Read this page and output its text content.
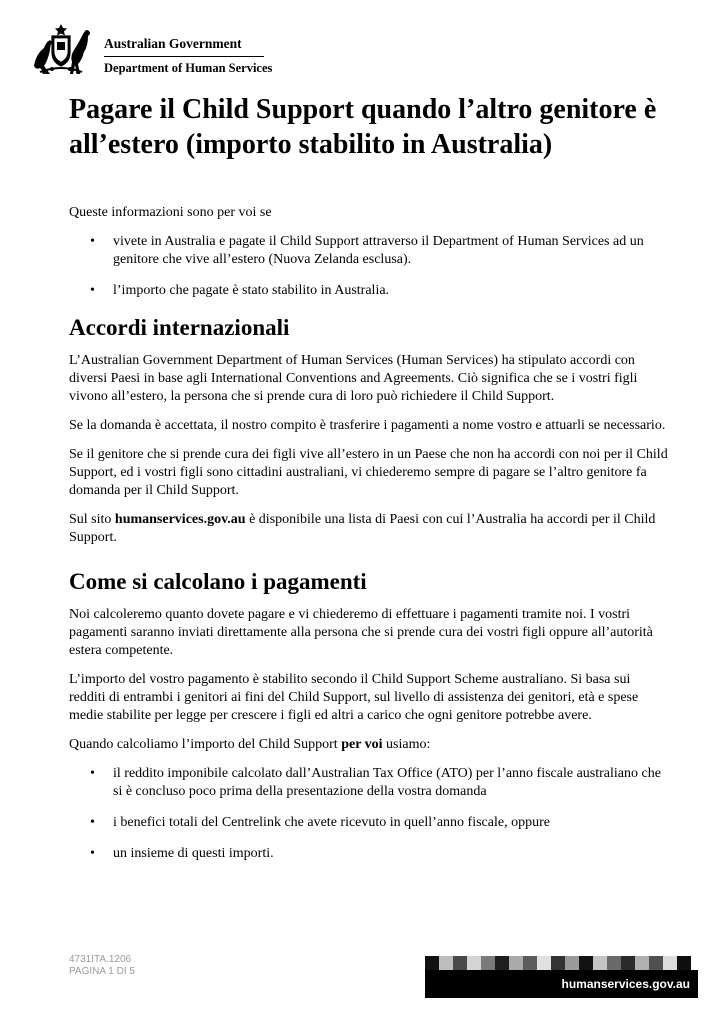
Australian Government
Department of Human Services
Pagare il Child Support quando l’altro genitore è all’estero (importo stabilito in Australia)

Queste informazioni sono per voi se

• vivete in Australia e pagate il Child Support attraverso il Department of Human Services ad un genitore che vive all’estero (Nuova Zelanda esclusa).
• l’importo che pagate è stato stabilito in Australia.
Accordi internazionali

L’Australian Government Department of Human Services (Human Services) ha stipulato accordi con diversi Paesi in base agli International Conventions and Agreements. Ciò significa che se i vostri figli vivono all’estero, la persona che si prende cura di loro può richiedere il Child Support.

Se la domanda è accettata, il nostro compito è trasferire i pagamenti a nome vostro e attuarli se necessario.

Se il genitore che si prende cura dei figli vive all’estero in un Paese che non ha accordi con noi per il Child Support, ed i vostri figli sono cittadini australiani, vi chiederemo sempre di pagare se l’altro genitore fa domanda per il Child Support.

Sul sito humanservices.gov.au è disponibile una lista di Paesi con cui l’Australia ha accordi per il Child Support.

Come si calcolano i pagamenti

Noi calcoleremo quanto dovete pagare e vi chiederemo di effettuare i pagamenti tramite noi. I vostri pagamenti saranno inviati direttamente alla persona che si prende cura dei vostri figli oppure all’autorità estera competente.

L’importo del vostro pagamento è stabilito secondo il Child Support Scheme australiano. Si basa sui redditi di entrambi i genitori ai fini del Child Support, sul livello di assistenza dei genitori, età e spese medie stabilite per legge per crescere i figli ed altri a carico che ogni genitore potrebbe avere.

Quando calcoliamo l’importo del Child Support per voi usiamo:

• il reddito imponibile calcolato dall’Australian Tax Office (ATO) per l’anno fiscale australiano che si è concluso poco prima della presentazione della vostra domanda
• i benefici totali del Centrelink che avete ricevuto in quell’anno fiscale, oppure
• un insieme di questi importi.
4731ITA.1206
PAGINA 1 DI 5
humanservices.gov.au
